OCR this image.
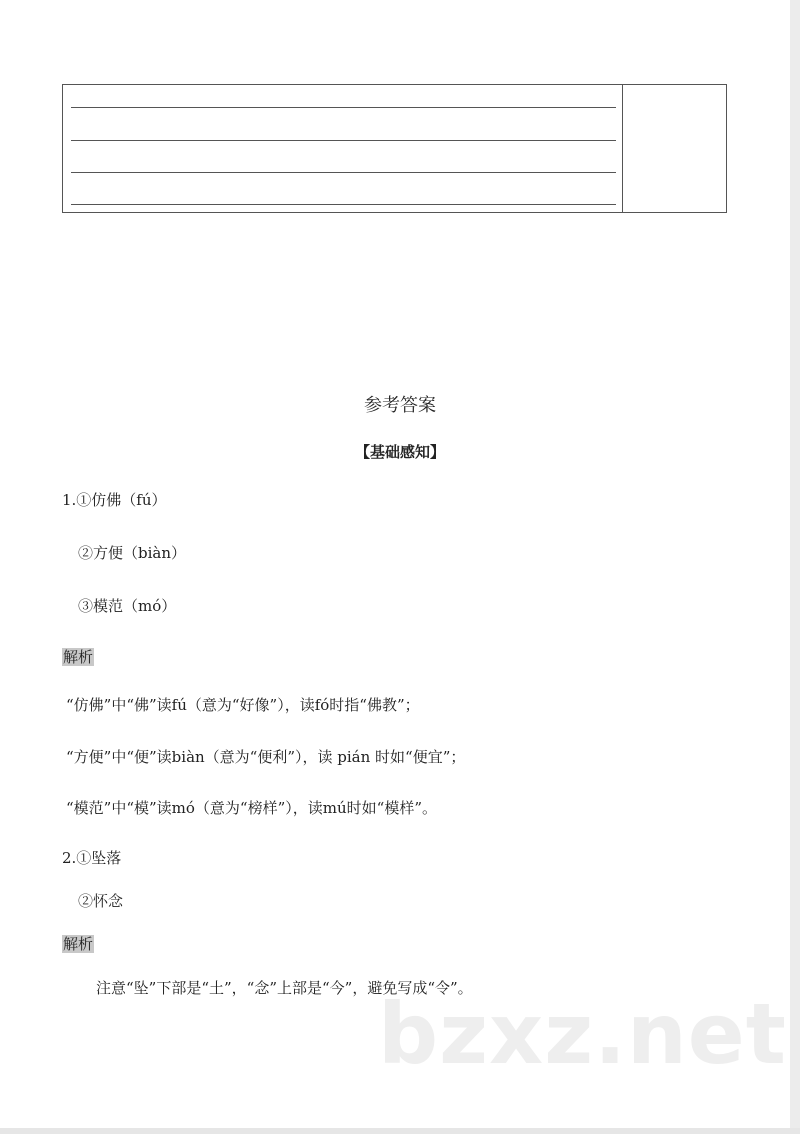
参考答案
【基础感知】
1.①仿佛（fú）
②方便（biàn）
③模范（mó）
解析
“仿佛”中“佛”读fú（意为“好像”），读fó时指“佛教”；
“方便”中“便”读biàn（意为“便利”），读 pián 时如“便宜”；
“模范”中“模”读mó（意为“榜样”），读mú时如“模样”。
2.①坠落
②怀念
解析
注意“坠”下部是“土”，“念”上部是“今”，避免写成“令”。
bzxz.net
